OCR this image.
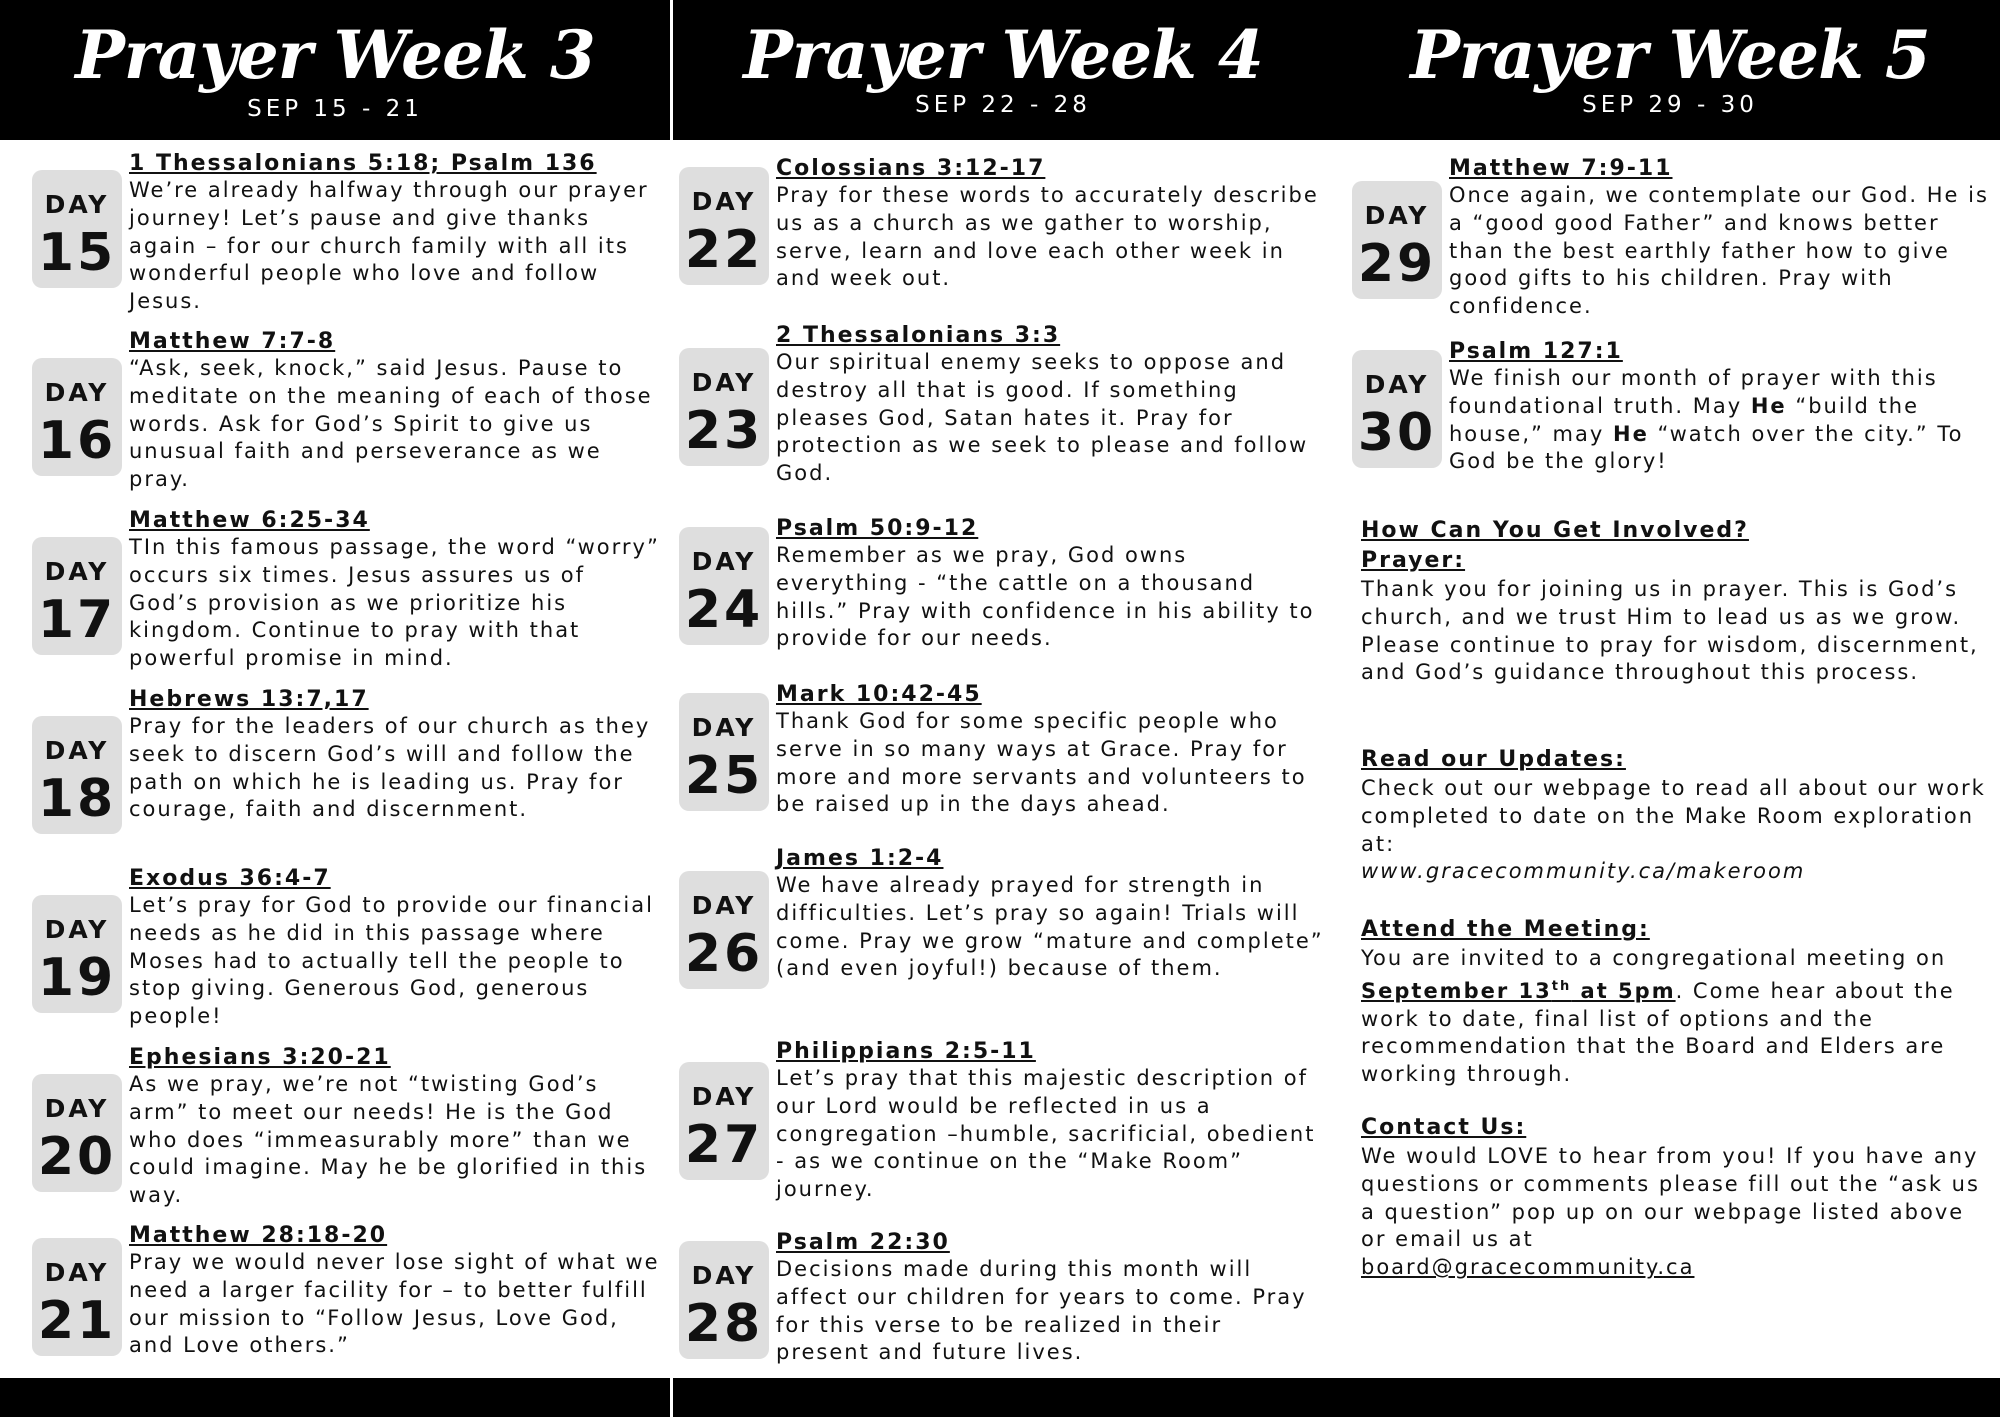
Prayer Week 3
SEP 15 - 21
Prayer Week 4
SEP 22 - 28
Prayer Week 5
SEP 29 - 30
DAY
15
1 Thessalonians 5:18; Psalm 136
We’re already halfway through our prayer journey! Let’s pause and give thanks again – for our church family with all its wonderful people who love and follow Jesus.
DAY
16
Matthew 7:7-8
“Ask, seek, knock,” said Jesus. Pause to meditate on the meaning of each of those words. Ask for God’s Spirit to give us unusual faith and perseverance as we pray.
DAY
17
Matthew 6:25-34
TIn this famous passage, the word “worry” occurs six times. Jesus assures us of God’s provision as we prioritize his kingdom. Continue to pray with that powerful promise in mind.
DAY
18
Hebrews 13:7,17
Pray for the leaders of our church as they seek to discern God’s will and follow the path on which he is leading us. Pray for courage, faith and discernment.
DAY
19
Exodus 36:4-7
Let’s pray for God to provide our financial needs as he did in this passage where Moses had to actually tell the people to stop giving. Generous God, generous people!
DAY
20
Ephesians 3:20-21
As we pray, we’re not “twisting God’s arm” to meet our needs! He is the God who does “immeasurably more” than we could imagine. May he be glorified in this way.
DAY
21
Matthew 28:18-20
Pray we would never lose sight of what we need a larger facility for – to better fulfill our mission to “Follow Jesus, Love God, and Love others.”
DAY
22
Colossians 3:12-17
Pray for these words to accurately describe us as a church as we gather to worship, serve, learn and love each other week in and week out.
DAY
23
2 Thessalonians 3:3
Our spiritual enemy seeks to oppose and destroy all that is good. If something pleases God, Satan hates it. Pray for protection as we seek to please and follow God.
DAY
24
Psalm 50:9-12
Remember as we pray, God owns everything - “the cattle on a thousand hills.” Pray with confidence in his ability to provide for our needs.
DAY
25
Mark 10:42-45
Thank God for some specific people who serve in so many ways at Grace. Pray for more and more servants and volunteers to be raised up in the days ahead.
DAY
26
James 1:2-4
We have already prayed for strength in difficulties. Let’s pray so again! Trials will come. Pray we grow “mature and complete” (and even joyful!) because of them.
DAY
27
Philippians 2:5-11
Let’s pray that this majestic description of our Lord would be reflected in us a congregation –humble, sacrificial, obedient - as we continue on the “Make Room” journey.
DAY
28
Psalm 22:30
Decisions made during this month will affect our children for years to come. Pray for this verse to be realized in their present and future lives.
DAY
29
Matthew 7:9-11
Once again, we contemplate our God. He is a “good good Father” and knows better than the best earthly father how to give good gifts to his children. Pray with confidence.
DAY
30
Psalm 127:1
We finish our month of prayer with this foundational truth. May He “build the house,” may He “watch over the city.” To God be the glory!
How Can You Get Involved?
Prayer:
Thank you for joining us in prayer. This is God’s church, and we trust Him to lead us as we grow. Please continue to pray for wisdom, discernment, and God’s guidance throughout this process.
Read our Updates:
Check out our webpage to read all about our work completed to date on the Make Room exploration at:
www.gracecommunity.ca/makeroom
Attend the Meeting:
You are invited to a congregational meeting on September 13th at 5pm. Come hear about the work to date, final list of options and the recommendation that the Board and Elders are working through.
Contact Us:
We would LOVE to hear from you! If you have any questions or comments please fill out the “ask us a question” pop up on our webpage listed above or email us at
board@gracecommunity.ca
